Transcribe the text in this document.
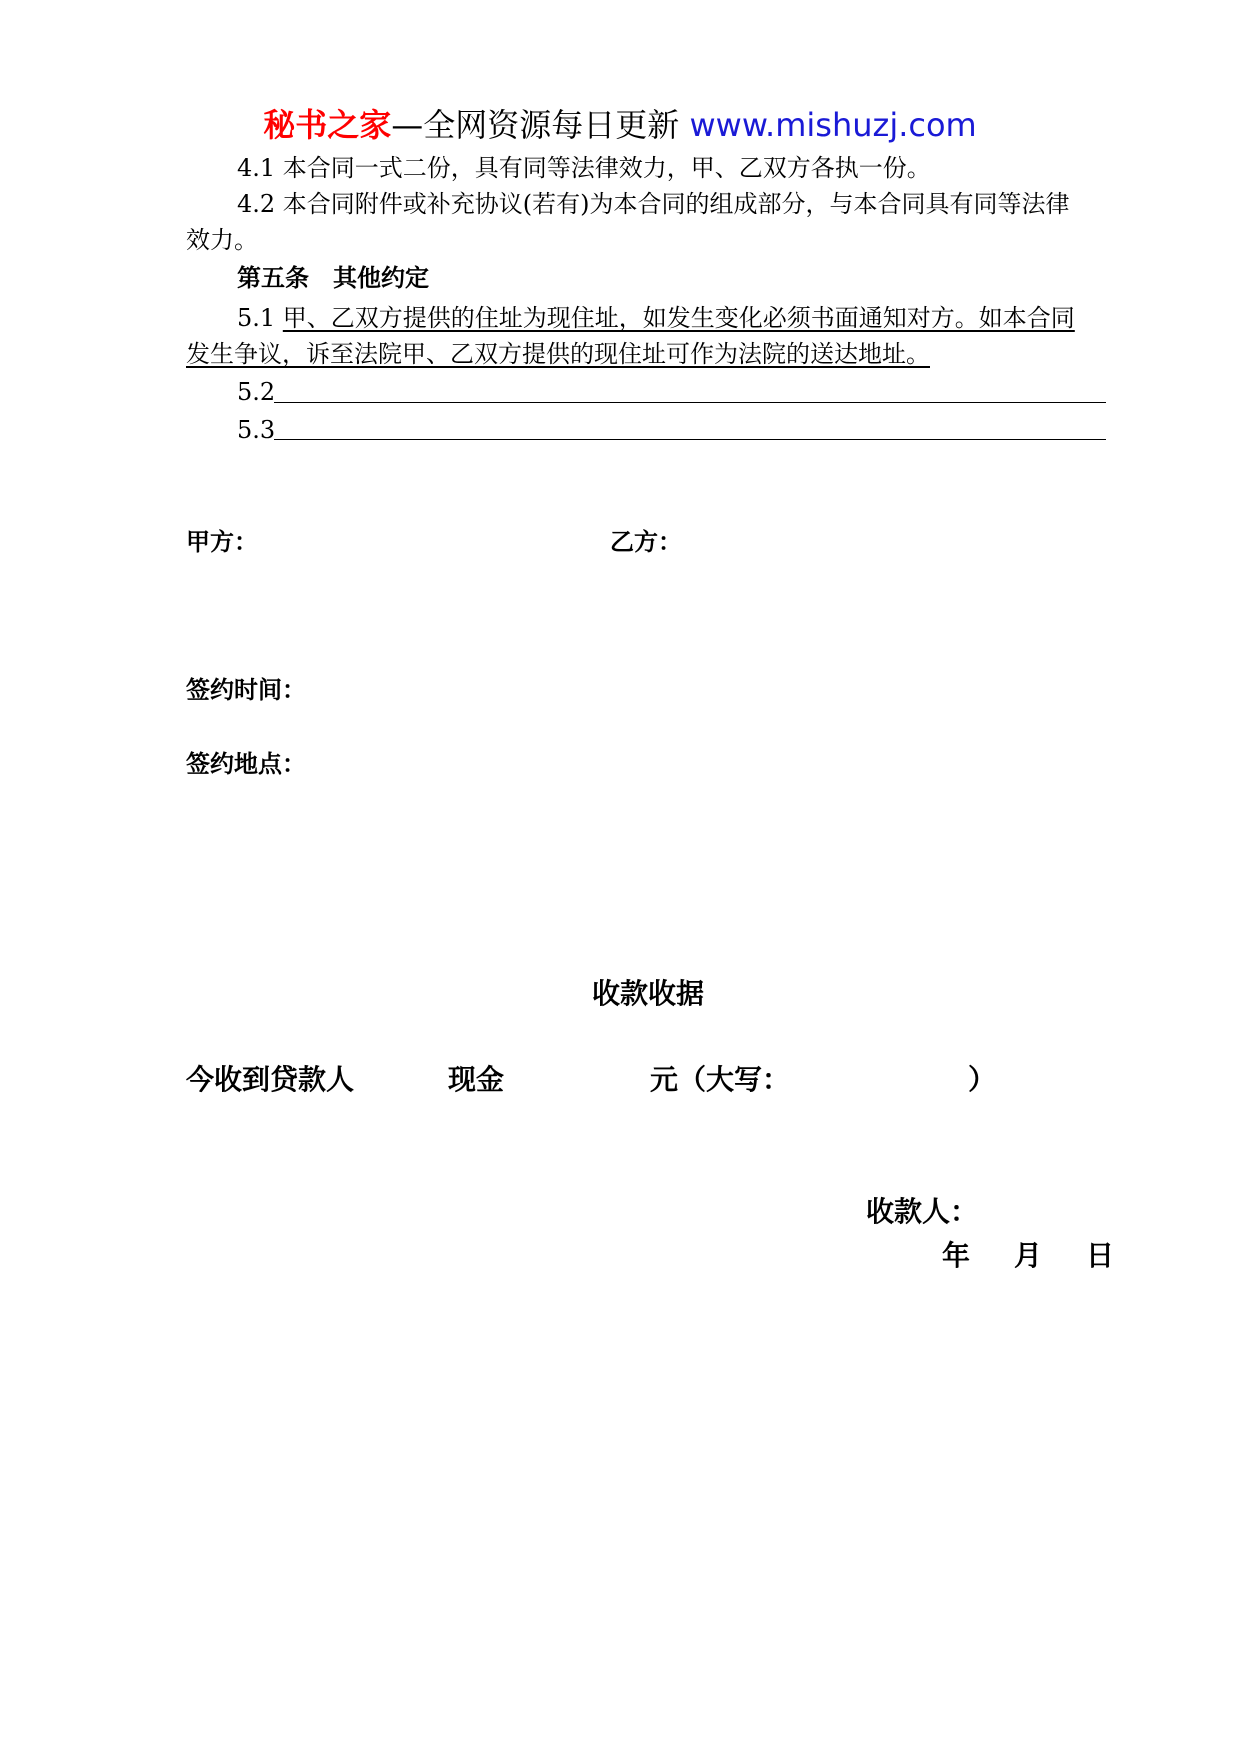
秘书之家—全网资源每日更新 www.mishuzj.com
4.1 本合同一式二份，具有同等法律效力，甲、乙双方各执一份。
4.2 本合同附件或补充协议(若有)为本合同的组成部分，与本合同具有同等法律
效力。
第五条　其他约定
5.1 甲、乙双方提供的住址为现住址，如发生变化必须书面通知对方。如本合同
发生争议，诉至法院甲、乙双方提供的现住址可作为法院的送达地址。
5.2
5.3
甲方：	乙方：
签约时间：
签约地点：
收款收据
今收到贷款人	现金	元（大写：	）
收款人：
年 月 日
